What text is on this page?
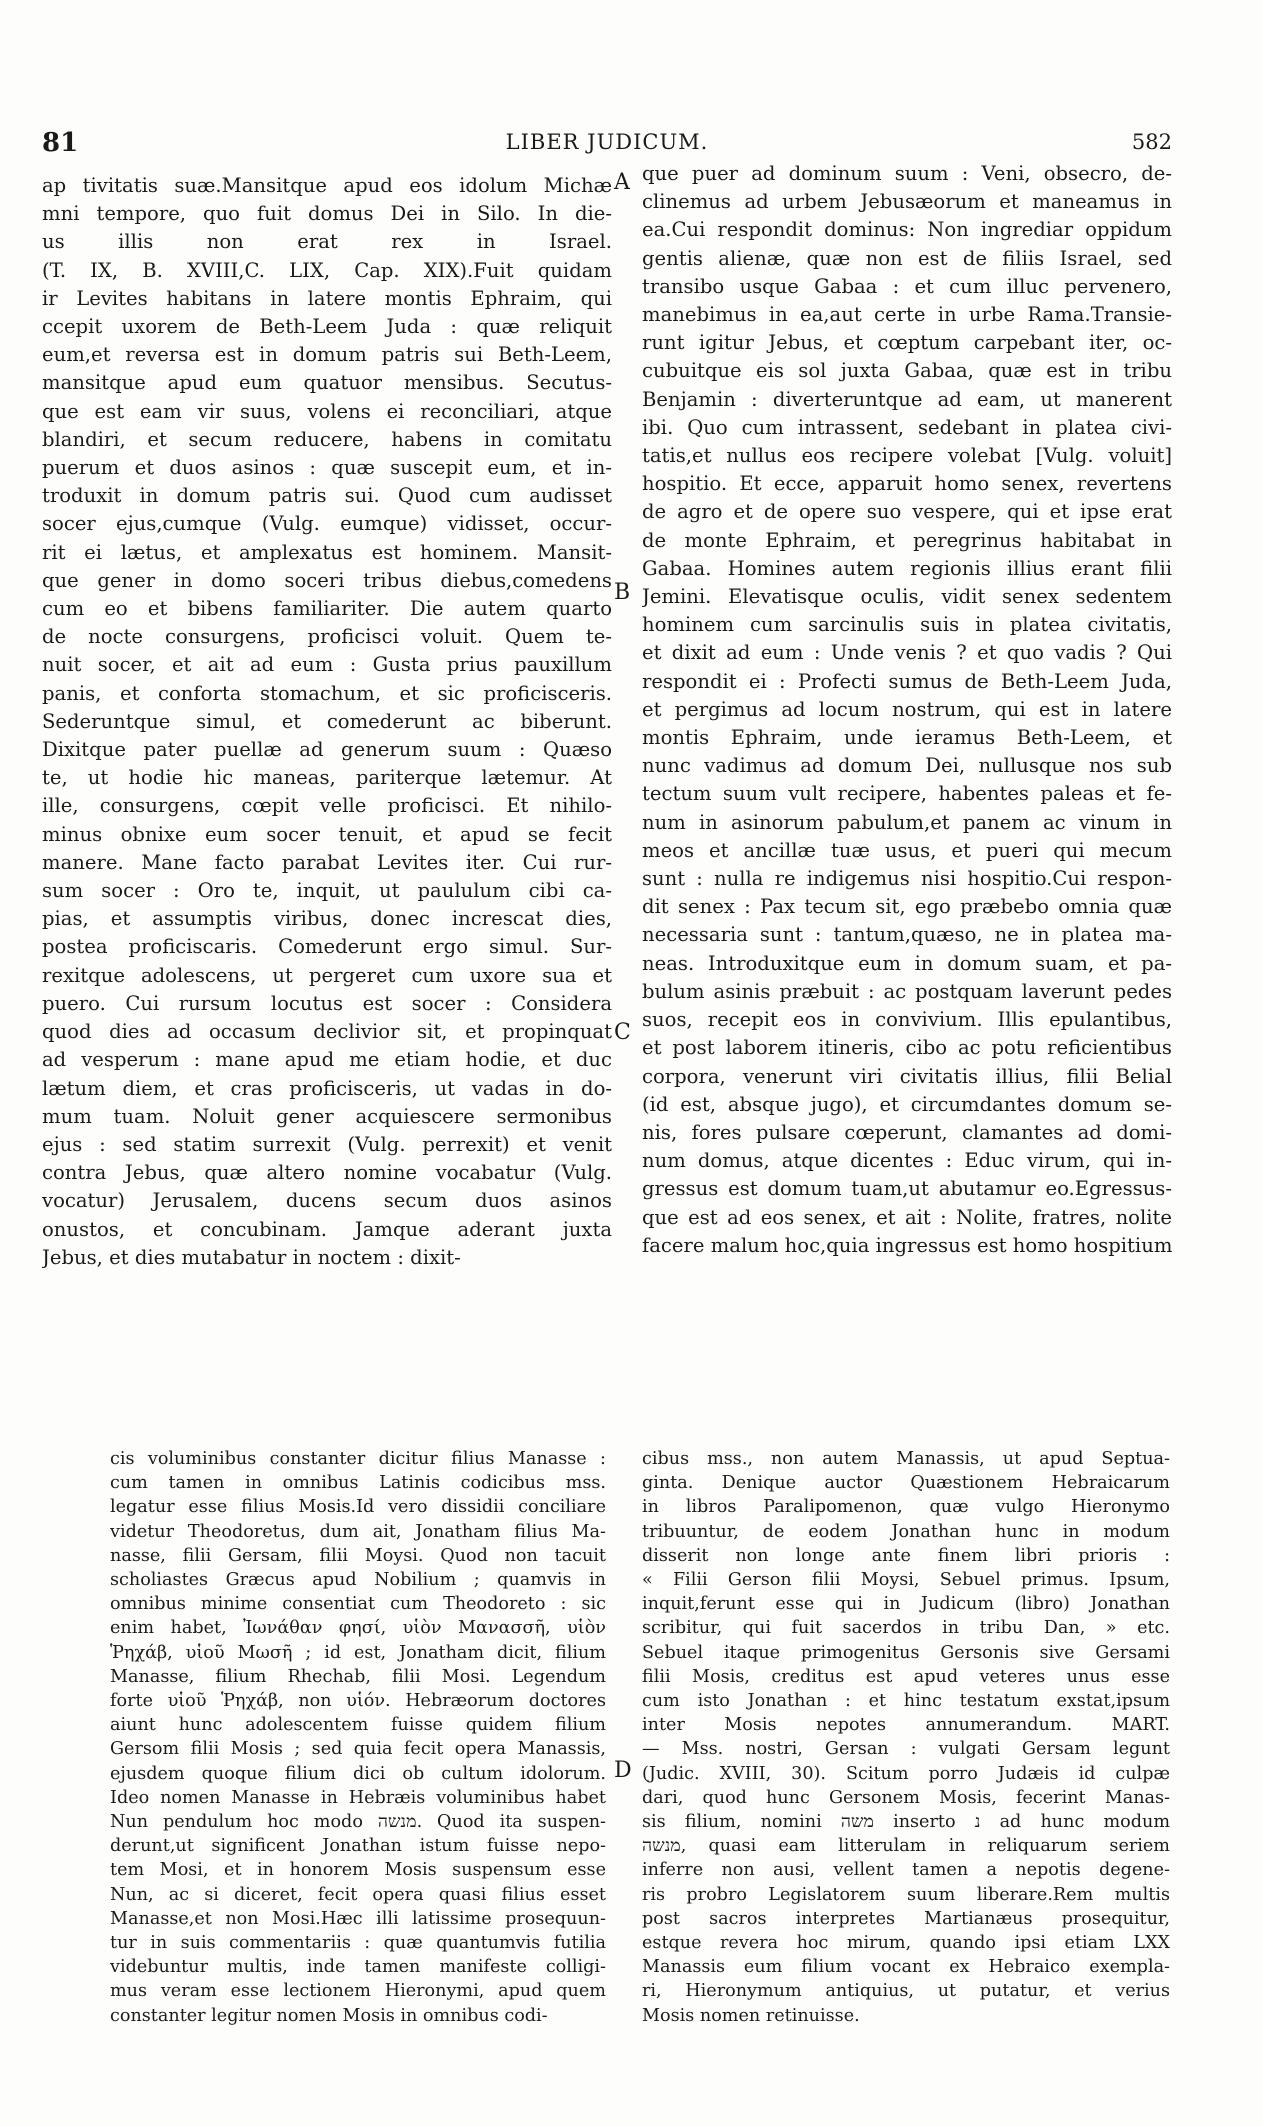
81	LIBER JUDICUM.	582
A
B
C
D
ap tivitatis suæ.Mansitque apud eos idolum Michæ
mni tempore, quo fuit domus Dei in Silo. In die-
us illis non erat rex in Israel.
(T. IX, B. XVIII,C. LIX, Cap. XIX).Fuit quidam
ir Levites habitans in latere montis Ephraim, qui
ccepit uxorem de Beth-Leem Juda : quæ reliquit
eum,et reversa est in domum patris sui Beth-Leem,
mansitque apud eum quatuor mensibus. Secutus-
que est eam vir suus, volens ei reconciliari, atque
blandiri, et secum reducere, habens in comitatu
puerum et duos asinos : quæ suscepit eum, et in-
troduxit in domum patris sui. Quod cum audisset
socer ejus,cumque (Vulg. eumque) vidisset, occur-
rit ei lætus, et amplexatus est hominem. Mansit-
que gener in domo soceri tribus diebus,comedens
cum eo et bibens familiariter. Die autem quarto
de nocte consurgens, proficisci voluit. Quem te-
nuit socer, et ait ad eum : Gusta prius pauxillum
panis, et conforta stomachum, et sic proficisceris.
Sederuntque simul, et comederunt ac biberunt.
Dixitque pater puellæ ad generum suum : Quæso
te, ut hodie hic maneas, pariterque lætemur. At
ille, consurgens, cœpit velle proficisci. Et nihilo-
minus obnixe eum socer tenuit, et apud se fecit
manere. Mane facto parabat Levites iter. Cui rur-
sum socer : Oro te, inquit, ut paululum cibi ca-
pias, et assumptis viribus, donec increscat dies,
postea proficiscaris. Comederunt ergo simul. Sur-
rexitque adolescens, ut pergeret cum uxore sua et
puero. Cui rursum locutus est socer : Considera
quod dies ad occasum declivior sit, et propinquat
ad vesperum : mane apud me etiam hodie, et duc
lætum diem, et cras proficisceris, ut vadas in do-
mum tuam. Noluit gener acquiescere sermonibus
ejus : sed statim surrexit (Vulg. perrexit) et venit
contra Jebus, quæ altero nomine vocabatur (Vulg.
vocatur) Jerusalem, ducens secum duos asinos
onustos, et concubinam. Jamque aderant juxta
Jebus, et dies mutabatur in noctem : dixit-
que puer ad dominum suum : Veni, obsecro, de-
clinemus ad urbem Jebusæorum et maneamus in
ea.Cui respondit dominus: Non ingrediar oppidum
gentis alienæ, quæ non est de filiis Israel, sed
transibo usque Gabaa : et cum illuc pervenero,
manebimus in ea,aut certe in urbe Rama.Transie-
runt igitur Jebus, et cœptum carpebant iter, oc-
cubuitque eis sol juxta Gabaa, quæ est in tribu
Benjamin : diverteruntque ad eam, ut manerent
ibi. Quo cum intrassent, sedebant in platea civi-
tatis,et nullus eos recipere volebat [Vulg. voluit]
hospitio. Et ecce, apparuit homo senex, revertens
de agro et de opere suo vespere, qui et ipse erat
de monte Ephraim, et peregrinus habitabat in
Gabaa. Homines autem regionis illius erant filii
Jemini. Elevatisque oculis, vidit senex sedentem
hominem cum sarcinulis suis in platea civitatis,
et dixit ad eum : Unde venis ? et quo vadis ? Qui
respondit ei : Profecti sumus de Beth-Leem Juda,
et pergimus ad locum nostrum, qui est in latere
montis Ephraim, unde ieramus Beth-Leem, et
nunc vadimus ad domum Dei, nullusque nos sub
tectum suum vult recipere, habentes paleas et fe-
num in asinorum pabulum,et panem ac vinum in
meos et ancillæ tuæ usus, et pueri qui mecum
sunt : nulla re indigemus nisi hospitio.Cui respon-
dit senex : Pax tecum sit, ego præbebo omnia quæ
necessaria sunt : tantum,quæso, ne in platea ma-
neas. Introduxitque eum in domum suam, et pa-
bulum asinis præbuit : ac postquam laverunt pedes
suos, recepit eos in convivium. Illis epulantibus,
et post laborem itineris, cibo ac potu reficientibus
corpora, venerunt viri civitatis illius, filii Belial
(id est, absque jugo), et circumdantes domum se-
nis, fores pulsare cœperunt, clamantes ad domi-
num domus, atque dicentes : Educ virum, qui in-
gressus est domum tuam,ut abutamur eo.Egressus-
que est ad eos senex, et ait : Nolite, fratres, nolite
facere malum hoc,quia ingressus est homo hospitium
cis voluminibus constanter dicitur filius Manasse :
cum tamen in omnibus Latinis codicibus mss.
legatur esse filius Mosis.Id vero dissidii conciliare
videtur Theodoretus, dum ait, Jonatham filius Ma-
nasse, filii Gersam, filii Moysi. Quod non tacuit
scholiastes Græcus apud Nobilium ; quamvis in
omnibus minime consentiat cum Theodoreto : sic
enim habet, Ἰωνάθαν φησί, υἱὸν Μανασσῆ, υἱὸν
Ῥηχάβ, υἱοῦ Μωσῆ ; id est, Jonatham dicit, filium
Manasse, filium Rhechab, filii Mosi. Legendum
forte υἱοῦ Ῥηχάβ, non υἱόν. Hebræorum doctores
aiunt hunc adolescentem fuisse quidem filium
Gersom filii Mosis ; sed quia fecit opera Manassis,
ejusdem quoque filium dici ob cultum idolorum.
Ideo nomen Manasse in Hebræis voluminibus habet
Nun pendulum hoc modo מנשה. Quod ita suspen-
derunt,ut significent Jonathan istum fuisse nepo-
tem Mosi, et in honorem Mosis suspensum esse
Nun, ac si diceret, fecit opera quasi filius esset
Manasse,et non Mosi.Hæc illi latissime prosequun-
tur in suis commentariis : quæ quantumvis futilia
videbuntur multis, inde tamen manifeste colligi-
mus veram esse lectionem Hieronymi, apud quem
constanter legitur nomen Mosis in omnibus codi-
cibus mss., non autem Manassis, ut apud Septua-
ginta. Denique auctor Quæstionem Hebraicarum
in libros Paralipomenon, quæ vulgo Hieronymo
tribuuntur, de eodem Jonathan hunc in modum
disserit non longe ante finem libri prioris :
« Filii Gerson filii Moysi, Sebuel primus. Ipsum,
inquit,ferunt esse qui in Judicum (libro) Jonathan
scribitur, qui fuit sacerdos in tribu Dan, » etc.
Sebuel itaque primogenitus Gersonis sive Gersami
filii Mosis, creditus est apud veteres unus esse
cum isto Jonathan : et hinc testatum exstat,ipsum
inter Mosis nepotes annumerandum. MART.
— Mss. nostri, Gersan : vulgati Gersam legunt
(Judic. XVIII, 30). Scitum porro Judæis id culpæ
dari, quod hunc Gersonem Mosis, fecerint Manas-
sis filium, nomini משה inserto נ ad hunc modum
מנשה, quasi eam litterulam in reliquarum seriem
inferre non ausi, vellent tamen a nepotis degene-
ris probro Legislatorem suum liberare.Rem multis
post sacros interpretes Martianæus prosequitur,
estque revera hoc mirum, quando ipsi etiam LXX
Manassis eum filium vocant ex Hebraico exempla-
ri, Hieronymum antiquius, ut putatur, et verius
Mosis nomen retinuisse.
